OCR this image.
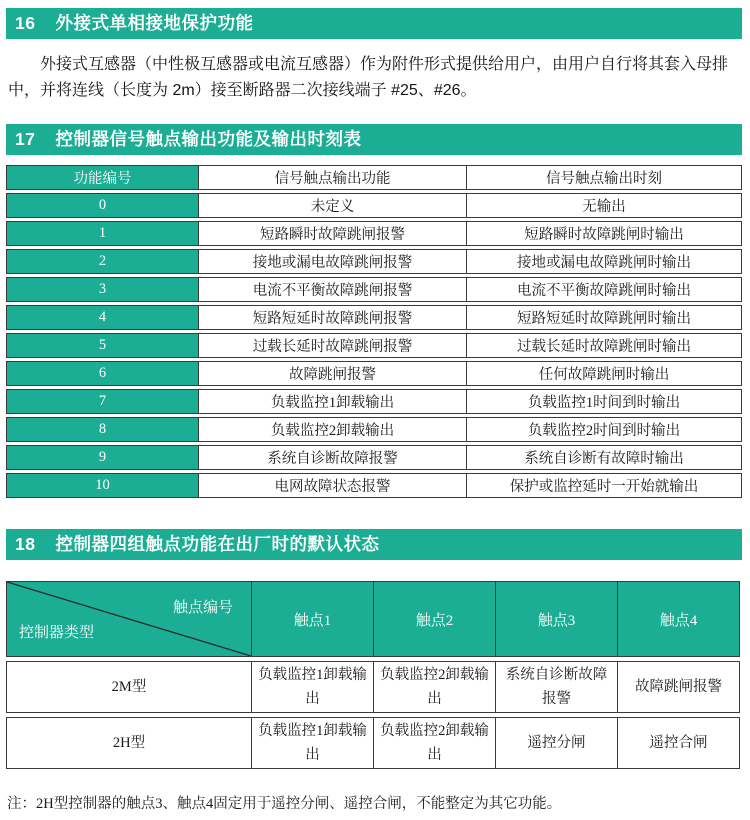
16 外接式单相接地保护功能

外接式互感器（中性极互感器或电流互感器）作为附件形式提供给用户，由用户自行将其套入母排中，并将连线（长度为 2m）接至断路器二次接线端子 #25、#26。

17 控制器信号触点输出功能及输出时刻表
功能编号	信号触点输出功能	信号触点输出时刻
0	未定义	无输出
1	短路瞬时故障跳闸报警	短路瞬时故障跳闸时输出
2	接地或漏电故障跳闸报警	接地或漏电故障跳闸时输出
3	电流不平衡故障跳闸报警	电流不平衡故障跳闸时输出
4	短路短延时故障跳闸报警	短路短延时故障跳闸时输出
5	过载长延时故障跳闸报警	过载长延时故障跳闸时输出
6	故障跳闸报警	任何故障跳闸时输出
7	负载监控1卸载输出	负载监控1时间到时输出
8	负载监控2卸载输出	负载监控2时间到时输出
9	系统自诊断故障报警	系统自诊断有故障时输出
10	电网故障状态报警	保护或监控延时一开始就输出
18 控制器四组触点功能在出厂时的默认状态
触点编号
控制器类型	触点1	触点2	触点3	触点4
2M型	负载监控1卸载输出	负载监控2卸载输出	系统自诊断故障报警	故障跳闸报警
2H型	负载监控1卸载输出	负载监控2卸载输出	遥控分闸	遥控合闸

注：2H型控制器的触点3、触点4固定用于遥控分闸、遥控合闸，不能整定为其它功能。
